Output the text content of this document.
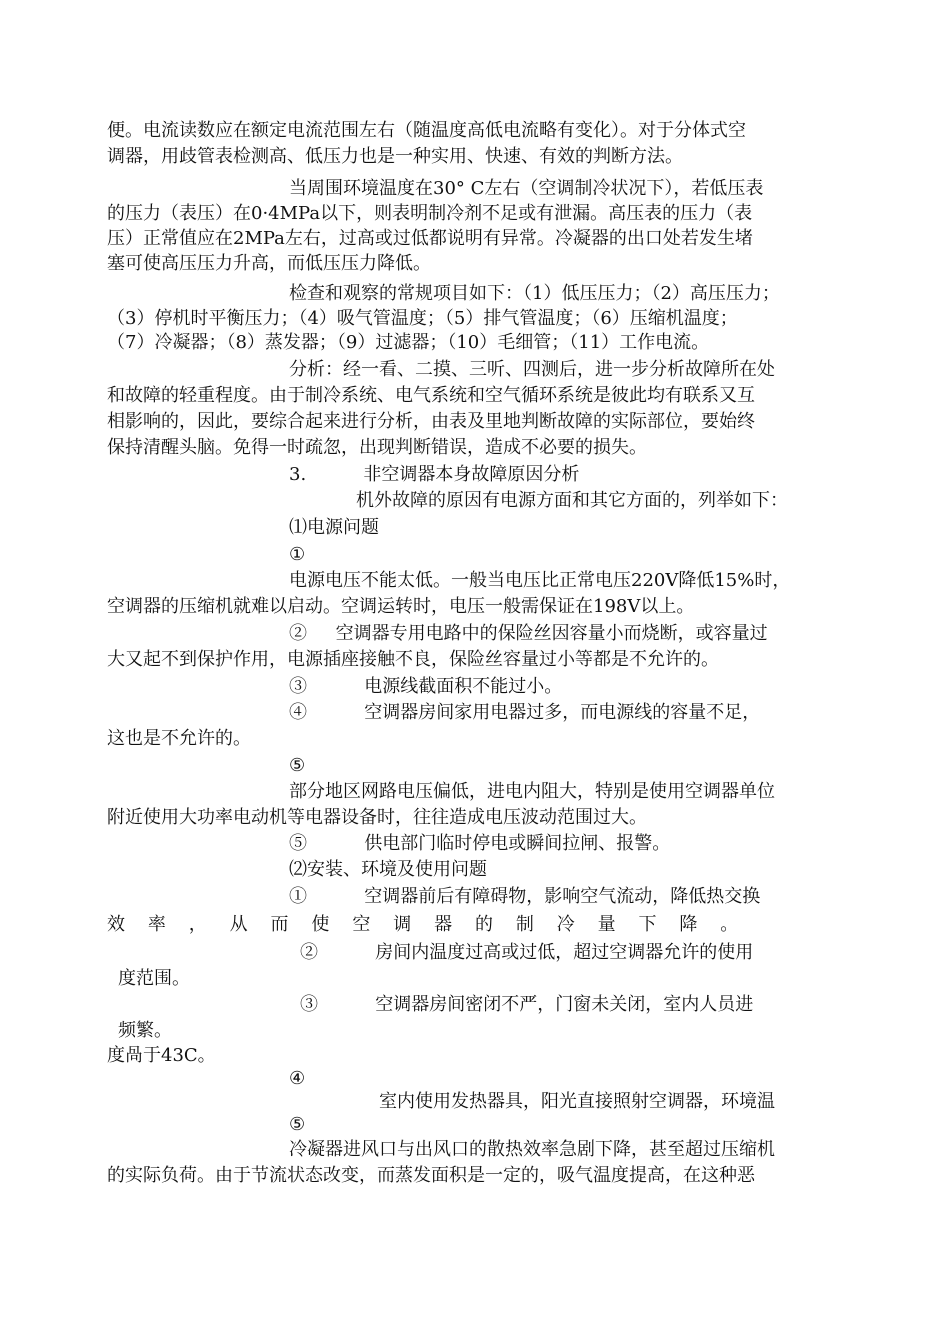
便。电流读数应在额定电流范围左右（随温度高低电流略有变化）。对于分体式空

调器，用歧管表检测高、低压力也是一种实用、快速、有效的判断方法。

当周围环境温度在30° C左右（空调制冷状况下），若低压表

的压力（表压）在0·4MPa以下，则表明制冷剂不足或有泄漏。高压表的压力（表

压）正常值应在2MPa左右，过高或过低都说明有异常。冷凝器的出口处若发生堵

塞可使高压压力升高，而低压压力降低。

检查和观察的常规项目如下：（1）低压压力；（2）高压压力；

（3）停机时平衡压力；（4）吸气管温度；（5）排气管温度；（6）压缩机温度；

（7）冷凝器；（8）蒸发器；（9）过滤器；（10）毛细管；（11）工作电流。

分析：经一看、二摸、三听、四测后，进一步分析故障所在处

和故障的轻重程度。由于制冷系统、电气系统和空气循环系统是彼此均有联系又互

相影响的，因此，要综合起来进行分析，由表及里地判断故障的实际部位，要始终

保持清醒头脑。免得一时疏忽，出现判断错误，造成不必要的损失。

3.          非空调器本身故障原因分析

机外故障的原因有电源方面和其它方面的，列举如下：

⑴电源问题

①

电源电压不能太低。一般当电压比正常电压220V降低15%时，

空调器的压缩机就难以启动。空调运转时，电压一般需保证在198V以上。

②     空调器专用电路中的保险丝因容量小而烧断，或容量过

大又起不到保护作用，电源插座接触不良，保险丝容量过小等都是不允许的。

③          电源线截面积不能过小。

④          空调器房间家用电器过多，而电源线的容量不足，

这也是不允许的。

⑤

部分地区网路电压偏低，进电内阻大，特别是使用空调器单位

附近使用大功率电动机等电器设备时，往往造成电压波动范围过大。

⑤          供电部门临时停电或瞬间拉闸、报警。

⑵安装、环境及使用问题

①          空调器前后有障碍物，影响空气流动，降低热交换

效    率    ，    从    而    使    空    调    器    的    制    冷    量    下    降    。

②          房间内温度过高或过低，超过空调器允许的使用

度范围。

③          空调器房间密闭不严，门窗未关闭，室内人员进

频繁。

度咼于43C。

④

室内使用发热器具，阳光直接照射空调器，环境温

⑤

冷凝器进风口与出风口的散热效率急剧下降，甚至超过压缩机

的实际负荷。由于节流状态改变，而蒸发面积是一定的，吸气温度提高，在这种恶
